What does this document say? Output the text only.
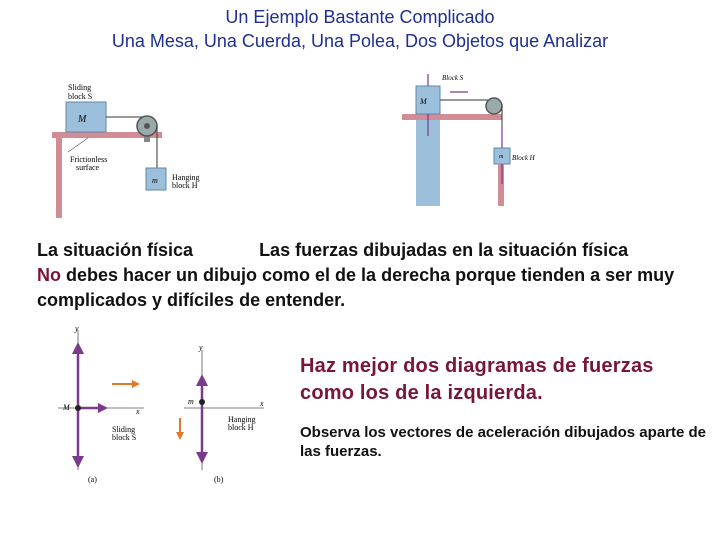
Un Ejemplo Bastante Complicado
Una Mesa, Una Cuerda, Una Polea, Dos Objetos que Analizar
Sliding
block S
M
Frictionless
surface
m Hanging
block H
Block S
Block H
M
m
La situación física	Las fuerzas dibujadas en la situación física
No debes hacer un dibujo como el de la derecha porque tienden a ser muy complicados y difíciles de entender.
y
x
M
Sliding
block S
(a)
y
x
m
Hanging
block H
(b)
Haz mejor dos diagramas de fuerzas como los de la izquierda.
Observa los vectores de aceleración dibujados aparte de las fuerzas.
